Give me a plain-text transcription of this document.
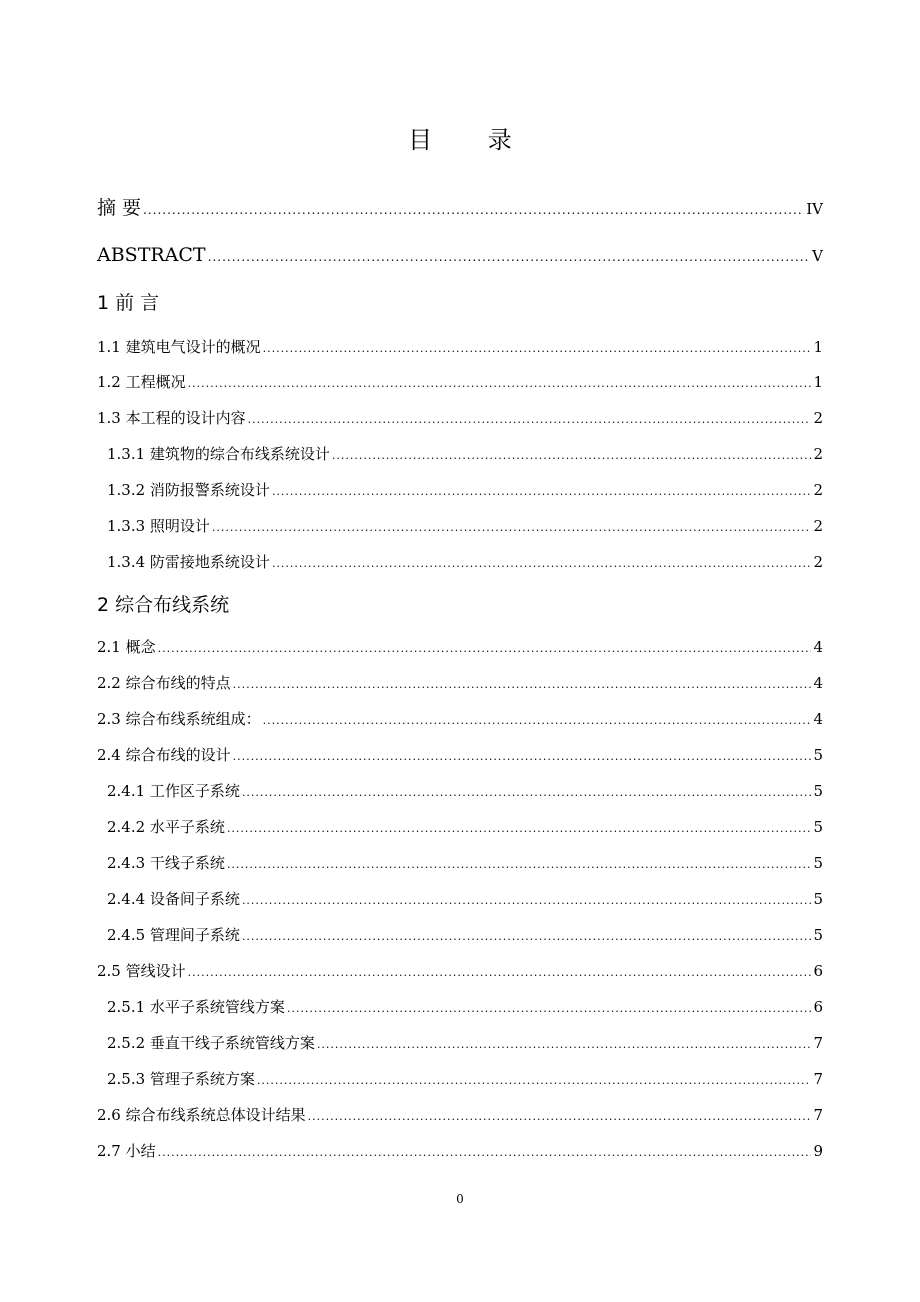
目 录
摘 要 .....	IV
ABSTRACT .....	V
1 前 言
1.1 建筑电气设计的概况 .....	1
1.2 工程概况 .....	1
1.3 本工程的设计内容 .....	2
1.3.1 建筑物的综合布线系统设计 .....	2
1.3.2 消防报警系统设计 .....	2
1.3.3 照明设计 .....	2
1.3.4 防雷接地系统设计 .....	2
2 综合布线系统
2.1 概念 .....	4
2.2 综合布线的特点 .....	4
2.3 综合布线系统组成： .....	4
2.4 综合布线的设计 .....	5
2.4.1 工作区子系统 .....	5
2.4.2 水平子系统 .....	5
2.4.3 干线子系统 .....	5
2.4.4 设备间子系统 .....	5
2.4.5 管理间子系统 .....	5
2.5 管线设计 .....	6
2.5.1 水平子系统管线方案 .....	6
2.5.2 垂直干线子系统管线方案 .....	7
2.5.3 管理子系统方案 .....	7
2.6 综合布线系统总体设计结果 .....	7
2.7 小结 .....	9
0
